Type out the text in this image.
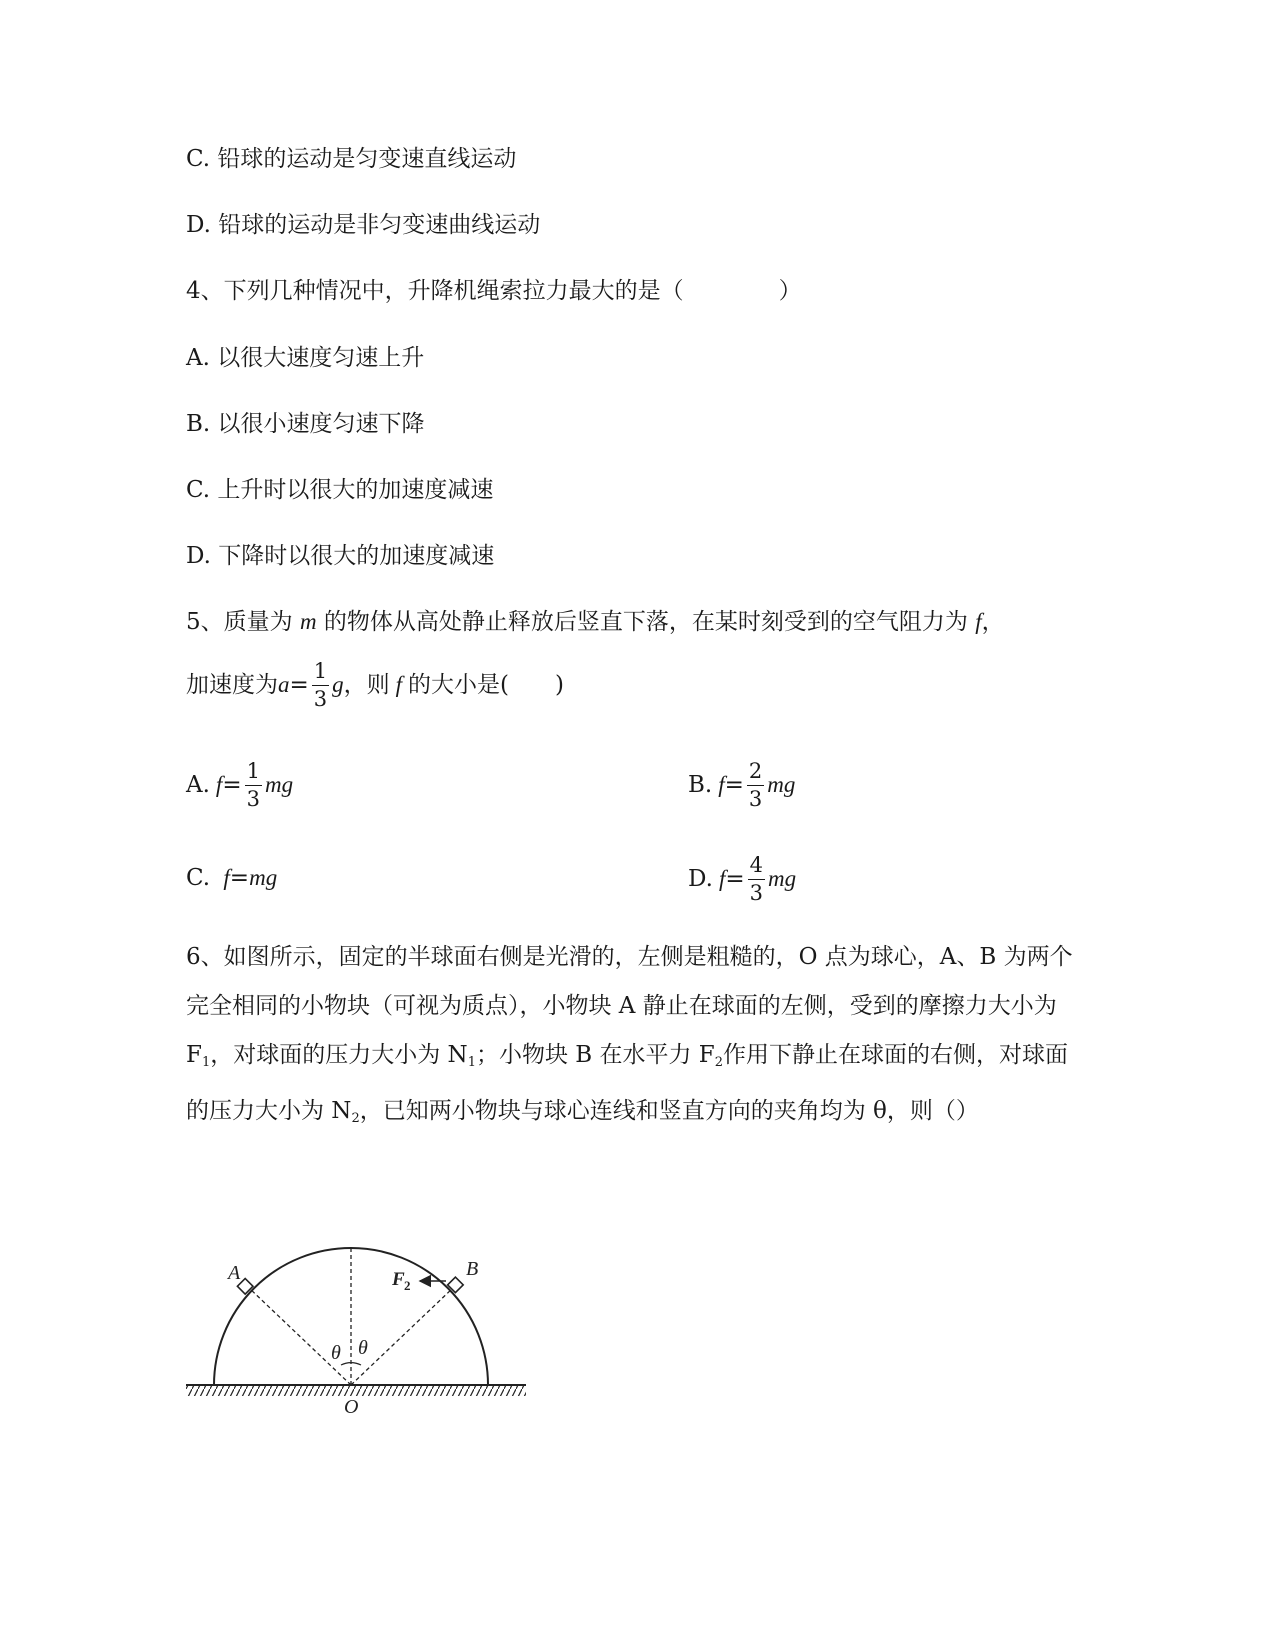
C. 铅球的运动是匀变速直线运动
D. 铅球的运动是非匀变速曲线运动
4、下列几种情况中，升降机绳索拉力最大的是（	）
A. 以很大速度匀速上升
B. 以很小速度匀速下降
C. 上升时以很大的加速度减速
D. 下降时以很大的加速度减速
5、质量为 m 的物体从高处静止释放后竖直下落，在某时刻受到的空气阻力为 f，
加速度为 $a = \frac{1}{3}$ g ，则 f 的大小是(　　)
A. $f = \frac{1}{3}$ mg	B. $f = \frac{2}{3}$ mg
C. f=mg	D. $f = \frac{4}{3}$ mg
6、如图所示，固定的半球面右侧是光滑的，左侧是粗糙的，O 点为球心，A、B 为两个完全相同的小物块（可视为质点），小物块 A 静止在球面的左侧，受到的摩擦力大小为 $F_1$，对球面的压力大小为 $N_1$；小物块 B 在水平力 $F_2$作用下静止在球面的右侧，对球面的压力大小为 $N_2$，已知两小物块与球心连线和竖直方向的夹角均为 θ，则（）
A	B
F 2
θ θ
O
